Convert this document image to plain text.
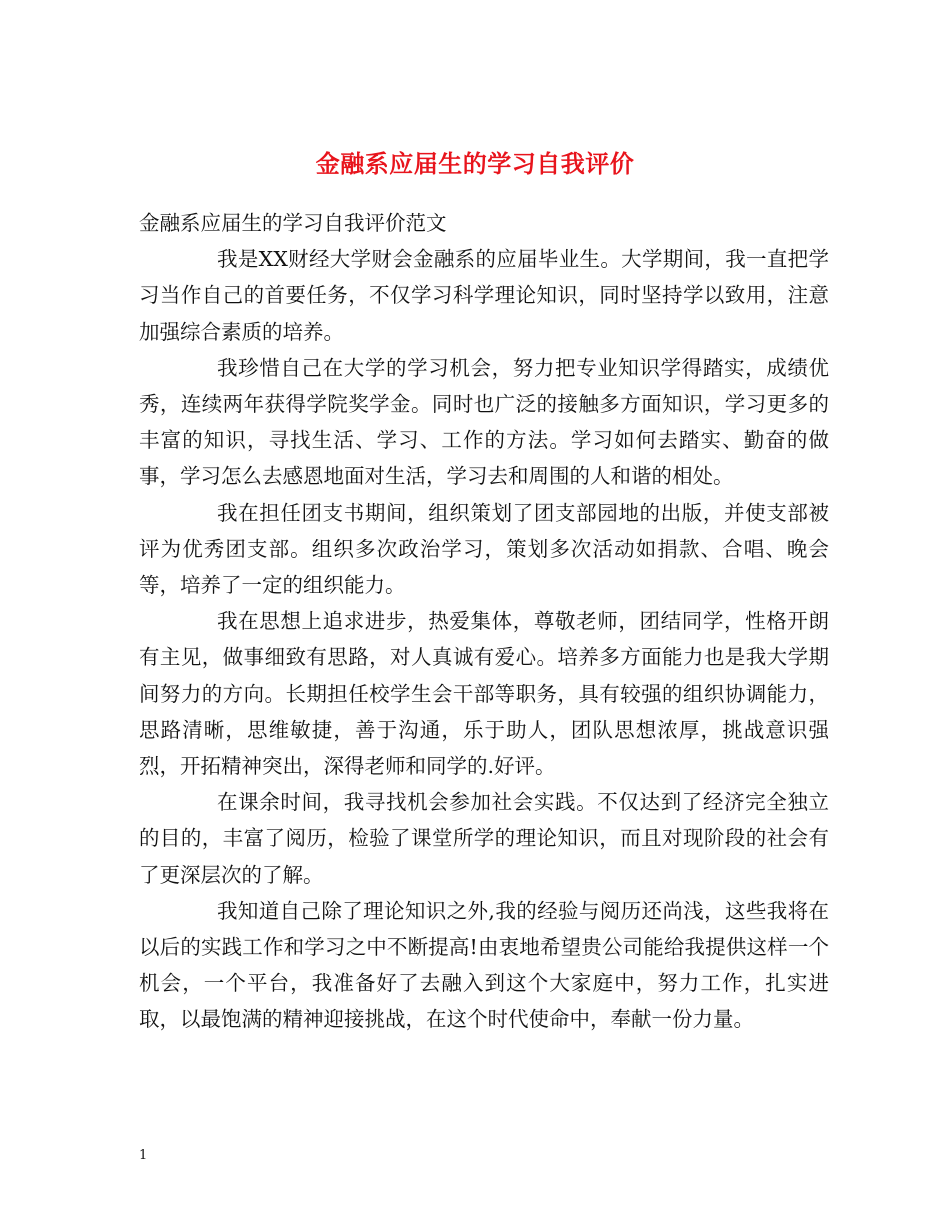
金融系应届生的学习自我评价

金融系应届生的学习自我评价范文

我是XX财经大学财会金融系的应届毕业生。大学期间，我一直把学习当作自己的首要任务，不仅学习科学理论知识，同时坚持学以致用，注意加强综合素质的培养。

我珍惜自己在大学的学习机会，努力把专业知识学得踏实，成绩优秀，连续两年获得学院奖学金。同时也广泛的接触多方面知识，学习更多的丰富的知识，寻找生活、学习、工作的方法。学习如何去踏实、勤奋的做事，学习怎么去感恩地面对生活，学习去和周围的人和谐的相处。

我在担任团支书期间，组织策划了团支部园地的出版，并使支部被评为优秀团支部。组织多次政治学习，策划多次活动如捐款、合唱、晚会等，培养了一定的组织能力。

我在思想上追求进步，热爱集体，尊敬老师，团结同学，性格开朗有主见，做事细致有思路，对人真诚有爱心。培养多方面能力也是我大学期间努力的方向。长期担任校学生会干部等职务，具有较强的组织协调能力，思路清晰，思维敏捷，善于沟通，乐于助人，团队思想浓厚，挑战意识强烈，开拓精神突出，深得老师和同学的.好评。

在课余时间，我寻找机会参加社会实践。不仅达到了经济完全独立的目的，丰富了阅历，检验了课堂所学的理论知识，而且对现阶段的社会有了更深层次的了解。

我知道自己除了理论知识之外,我的经验与阅历还尚浅，这些我将在以后的实践工作和学习之中不断提高!由衷地希望贵公司能给我提供这样一个机会，一个平台，我准备好了去融入到这个大家庭中，努力工作，扎实进取，以最饱满的精神迎接挑战，在这个时代使命中，奉献一份力量。

1
